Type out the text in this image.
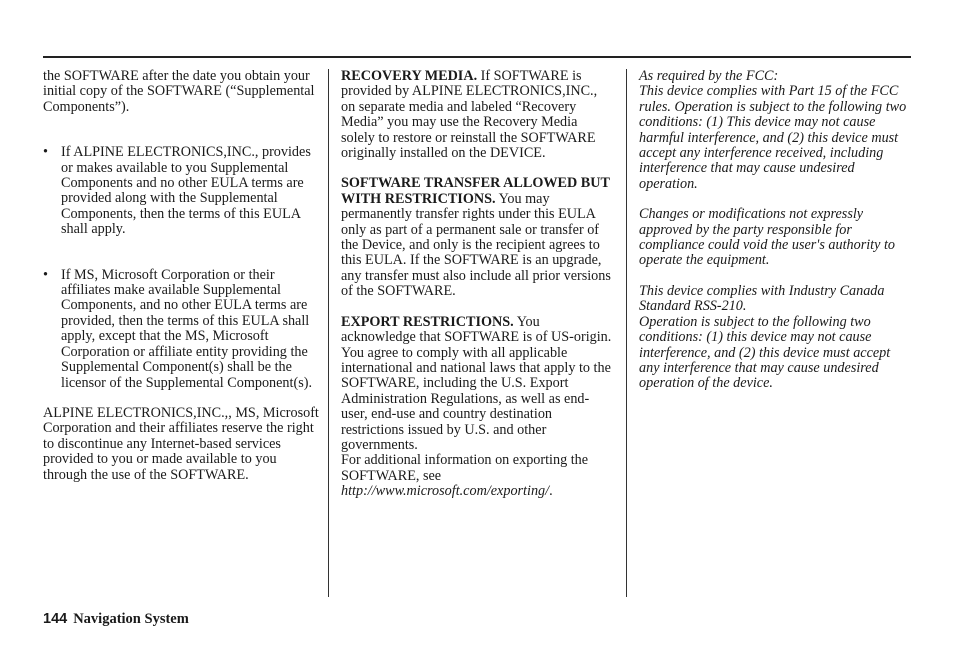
the SOFTWARE after the date you obtain your initial copy of the SOFTWARE (“Supplemental Components”).

• If ALPINE ELECTRONICS,INC., provides or makes available to you Supplemental Components and no other EULA terms are provided along with the Supplemental Components, then the terms of this EULA shall apply.

• If MS, Microsoft Corporation or their affiliates make available Supplemental Components, and no other EULA terms are provided, then the terms of this EULA shall apply, except that the MS, Microsoft Corporation or affiliate entity providing the Supplemental Component(s) shall be the licensor of the Supplemental Component(s).

ALPINE ELECTRONICS,INC.,, MS, Microsoft Corporation and their affiliates reserve the right to discontinue any Internet-based services provided to you or made available to you through the use of the SOFTWARE.

RECOVERY MEDIA. If SOFTWARE is provided by ALPINE ELECTRONICS,INC., on separate media and labeled “Recovery Media” you may use the Recovery Media solely to restore or reinstall the SOFTWARE originally installed on the DEVICE.

SOFTWARE TRANSFER ALLOWED BUT WITH RESTRICTIONS. You may permanently transfer rights under this EULA only as part of a permanent sale or transfer of the Device, and only is the recipient agrees to this EULA. If the SOFTWARE is an upgrade, any transfer must also include all prior versions of the SOFTWARE.

EXPORT RESTRICTIONS. You acknowledge that SOFTWARE is of US-origin. You agree to comply with all applicable international and national laws that apply to the SOFTWARE, including the U.S. Export Administration Regulations, as well as end-user, end-use and country destination restrictions issued by U.S. and other governments.

For additional information on exporting the SOFTWARE, see http://www.microsoft.com/exporting/.

As required by the FCC:

This device complies with Part 15 of the FCC rules. Operation is subject to the following two conditions: (1) This device may not cause harmful interference, and (2) this device must accept any interference received, including interference that may cause undesired operation.

Changes or modifications not expressly approved by the party responsible for compliance could void the user's authority to operate the equipment.

This device complies with Industry Canada Standard RSS-210.

Operation is subject to the following two conditions: (1) this device may not cause interference, and (2) this device must accept any interference that may cause undesired operation of the device.

144 Navigation System
